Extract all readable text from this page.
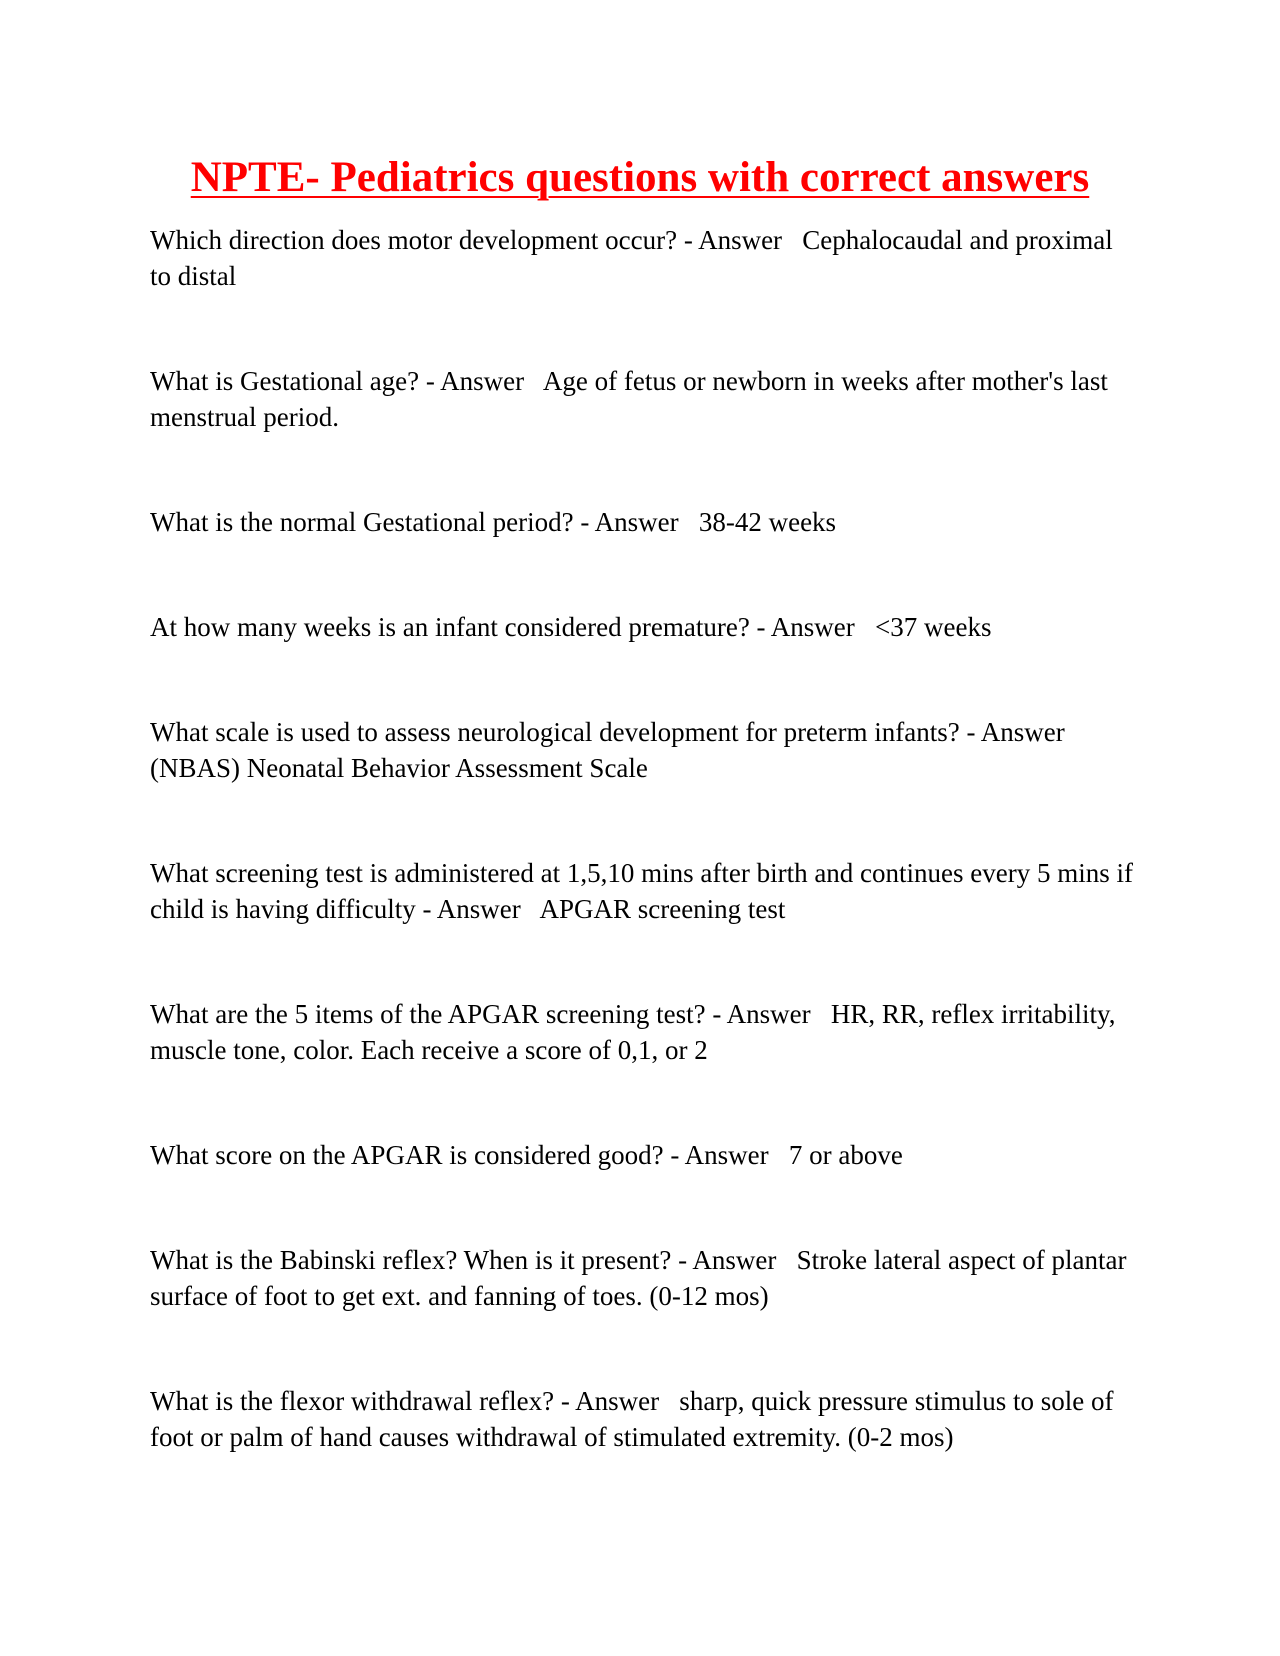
NPTE- Pediatrics questions with correct answers

Which direction does motor development occur? - Answer   Cephalocaudal and proximal to distal

What is Gestational age? - Answer   Age of fetus or newborn in weeks after mother's last menstrual period.

What is the normal Gestational period? - Answer   38-42 weeks

At how many weeks is an infant considered premature? - Answer   <37 weeks

What scale is used to assess neurological development for preterm infants? - Answer   (NBAS) Neonatal Behavior Assessment Scale

What screening test is administered at 1,5,10 mins after birth and continues every 5 mins if child is having difficulty - Answer   APGAR screening test

What are the 5 items of the APGAR screening test? - Answer   HR, RR, reflex irritability, muscle tone, color. Each receive a score of 0,1, or 2

What score on the APGAR is considered good? - Answer   7 or above

What is the Babinski reflex? When is it present? - Answer   Stroke lateral aspect of plantar surface of foot to get ext. and fanning of toes. (0-12 mos)

What is the flexor withdrawal reflex? - Answer   sharp, quick pressure stimulus to sole of foot or palm of hand causes withdrawal of stimulated extremity. (0-2 mos)
